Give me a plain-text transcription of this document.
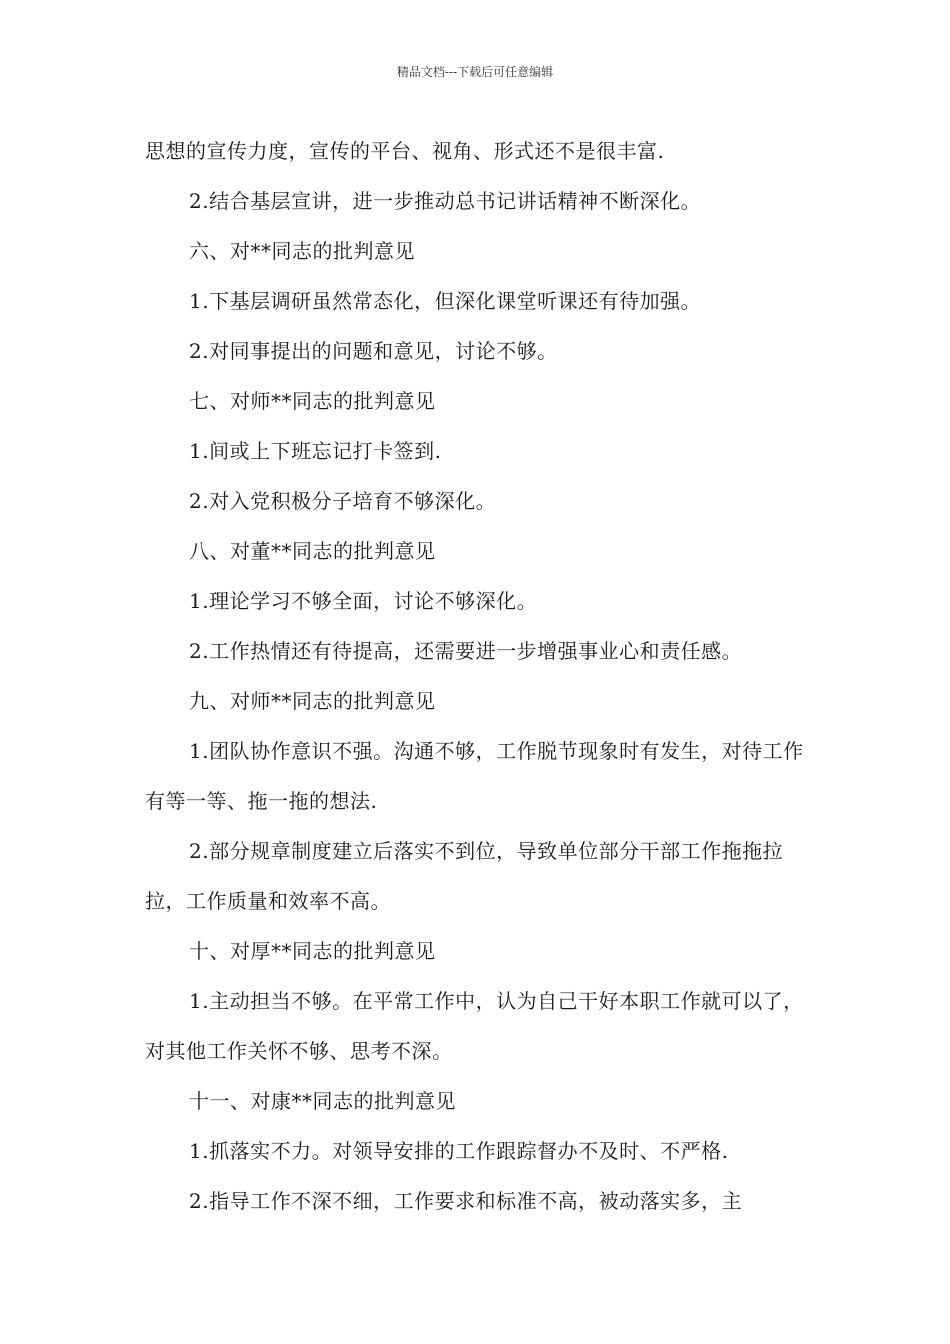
精品文档---下载后可任意编辑

思想的宣传力度，宣传的平台、视角、形式还不是很丰富.

2.结合基层宣讲，进一步推动总书记讲话精神不断深化。

六、对**同志的批判意见

1.下基层调研虽然常态化，但深化课堂听课还有待加强。

2.对同事提出的问题和意见，讨论不够。

七、对师**同志的批判意见

1.间或上下班忘记打卡签到.

2.对入党积极分子培育不够深化。

八、对董**同志的批判意见

1.理论学习不够全面，讨论不够深化。

2.工作热情还有待提高，还需要进一步增强事业心和责任感。

九、对师**同志的批判意见

1.团队协作意识不强。沟通不够，工作脱节现象时有发生，对待工作有等一等、拖一拖的想法.

2.部分规章制度建立后落实不到位，导致单位部分干部工作拖拖拉拉，工作质量和效率不高。

十、对厚**同志的批判意见

1.主动担当不够。在平常工作中，认为自己干好本职工作就可以了，对其他工作关怀不够、思考不深。

十一、对康**同志的批判意见

1.抓落实不力。对领导安排的工作跟踪督办不及时、不严格.

2.指导工作不深不细，工作要求和标准不高，被动落实多，主
